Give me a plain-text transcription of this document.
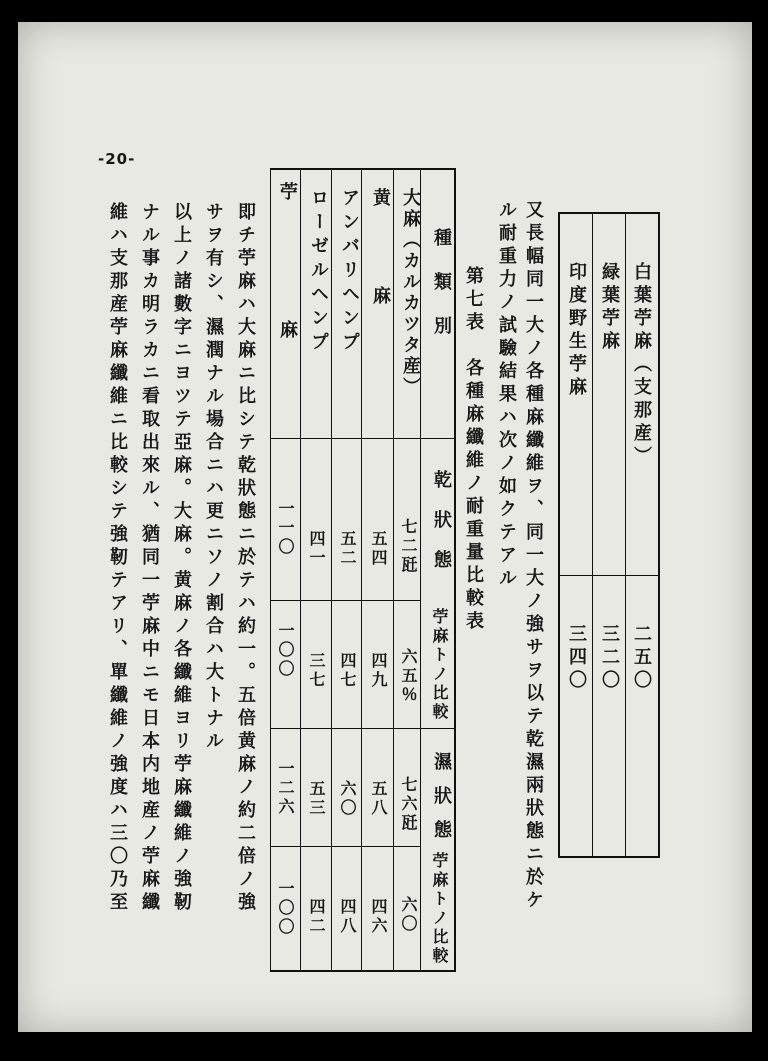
-20-
白葉苧麻（支那産）
二五〇
緑葉苧麻
三二〇
印度野生苧麻
三四〇
又長幅同一大ノ各種麻纖維ヲ、同一大ノ強サヲ以テ乾濕兩狀態ニ於ケ
ル耐重力ノ試驗結果ハ次ノ如クテアル
第七表　各種麻纖維ノ耐重量比較表
種類別
乾狀態
苧麻トノ比較
濕狀態
苧麻トノ比較
大麻（カルカツタ産）
七二瓩
六五％
七六瓩
六〇
黄麻
五四
四九
五八
四六
アンバリヘンプ
五二
四七
六〇
四八
ローゼルヘンプ
四一
三七
五三
四二
苧麻
一一〇
一〇〇
一二六
一〇〇
即チ苧麻ハ大麻ニ比シテ乾狀態ニ於テハ約一。五倍黄麻ノ約二倍ノ強
サヲ有シ、濕潤ナル場合ニハ更ニソノ割合ハ大トナル
以上ノ諸數字ニヨツテ亞麻。大麻。黄麻ノ各纖維ヨリ苧麻纖維ノ強靭
ナル事カ明ラカニ看取出來ル、猶同一苧麻中ニモ日本内地産ノ苧麻纖
維ハ支那産苧麻纖維ニ比較シテ強靭テアリ、單纖維ノ強度ハ三〇乃至
